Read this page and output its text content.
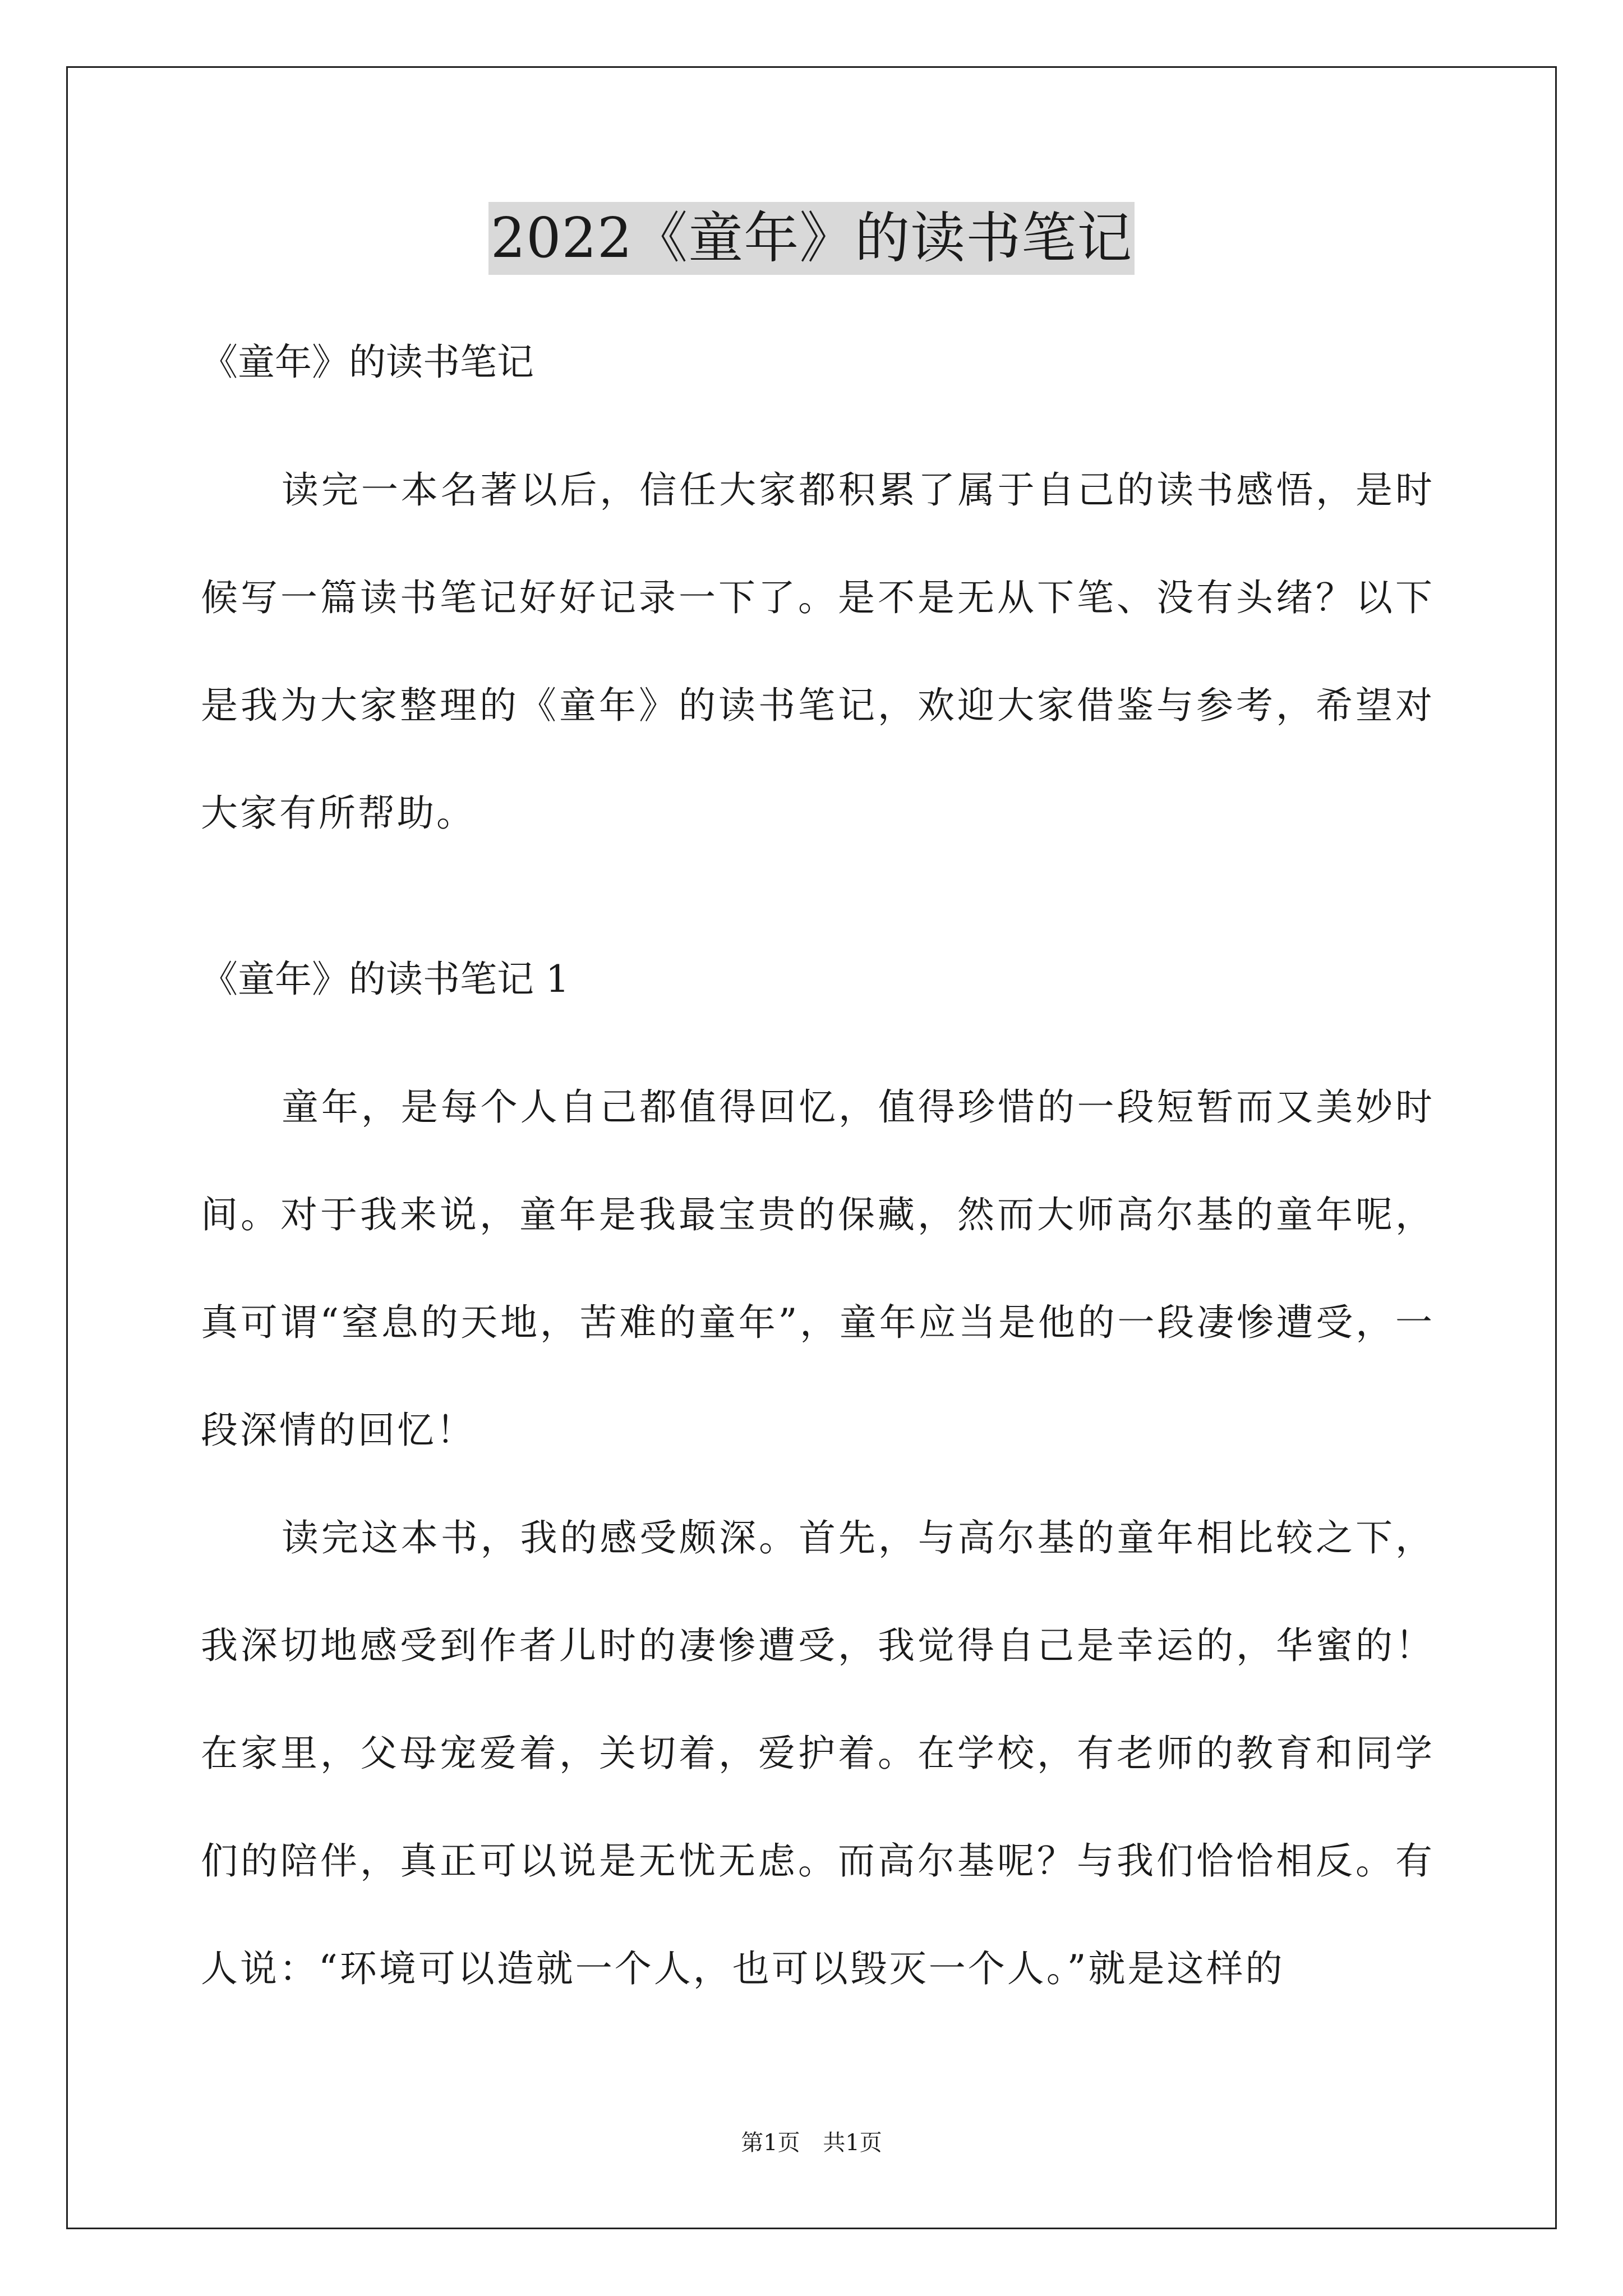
2022《童年》的读书笔记

《童年》的读书笔记

读完一本名著以后，信任大家都积累了属于自己的读书感悟，是时候写一篇读书笔记好好记录一下了。是不是无从下笔、没有头绪？以下是我为大家整理的《童年》的读书笔记，欢迎大家借鉴与参考，希望对大家有所帮助。

《童年》的读书笔记 1

童年，是每个人自己都值得回忆，值得珍惜的一段短暂而又美妙时间。对于我来说，童年是我最宝贵的保藏，然而大师高尔基的童年呢，真可谓“窒息的天地，苦难的童年”，童年应当是他的一段凄惨遭受，一段深情的回忆！

读完这本书，我的感受颇深。首先，与高尔基的童年相比较之下，我深切地感受到作者儿时的凄惨遭受，我觉得自己是幸运的，华蜜的！在家里，父母宠爱着，关切着，爱护着。在学校，有老师的教育和同学们的陪伴，真正可以说是无忧无虑。而高尔基呢？与我们恰恰相反。有人说：“环境可以造就一个人，也可以毁灭一个人。”就是这样的

第1页 共1页
